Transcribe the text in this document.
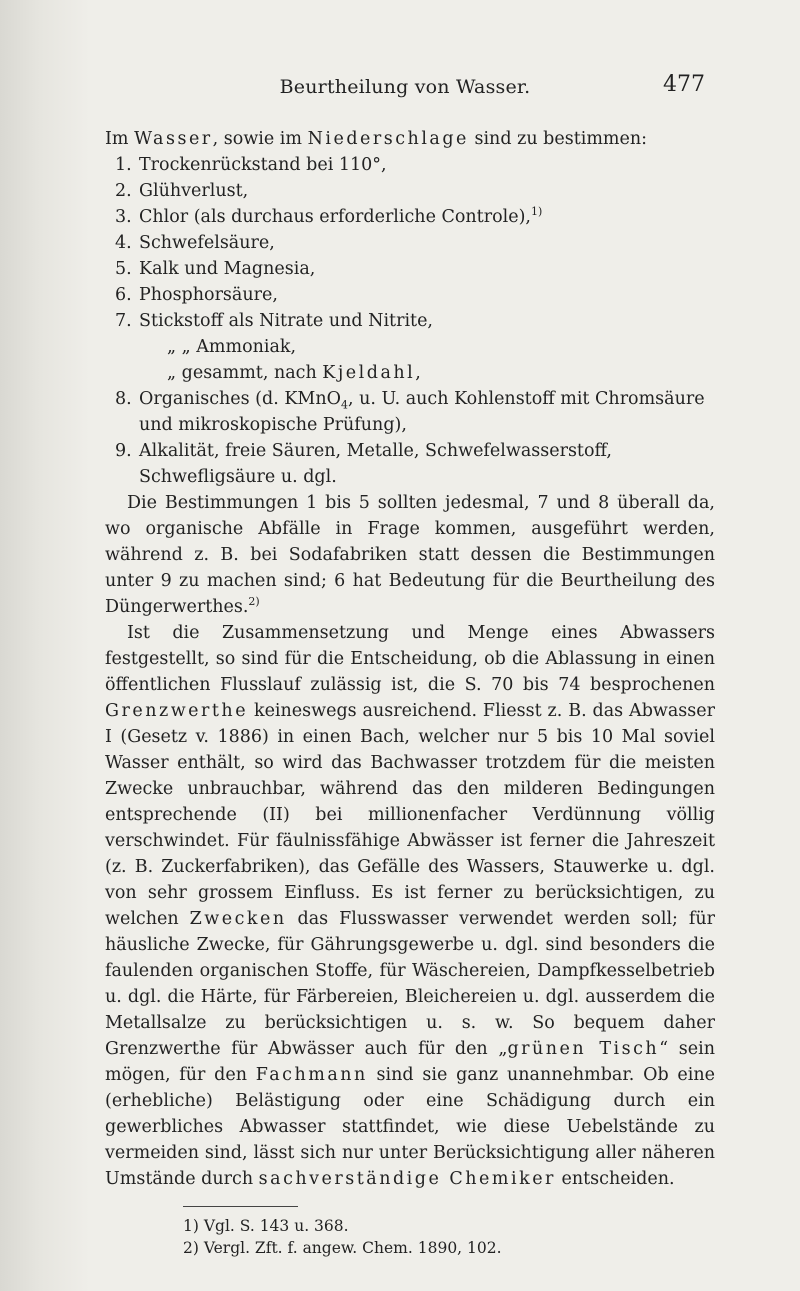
Beurtheilung von Wasser.	477

Im Wasser, sowie im Niederschlage sind zu bestimmen:

1. Trockenrückstand bei 110°,
2. Glühverlust,
3. Chlor (als durchaus erforderliche Controle),$^{1)}$
4. Schwefelsäure,
5. Kalk und Magnesia,
6. Phosphorsäure,
7. Stickstoff als Nitrate und Nitrite,
„ „ Ammoniak,
„ gesammt, nach Kjeldahl,
8. Organisches (d. KMnO$_4$, u. U. auch Kohlenstoff mit Chromsäure und mikroskopische Prüfung),
9. Alkalität, freie Säuren, Metalle, Schwefelwasserstoff, Schwefligsäure u. dgl.

Die Bestimmungen 1 bis 5 sollten jedesmal, 7 und 8 überall da, wo organische Abfälle in Frage kommen, ausgeführt werden, während z. B. bei Sodafabriken statt dessen die Bestimmungen unter 9 zu machen sind; 6 hat Bedeutung für die Beurtheilung des Düngerwerthes.$^{2)}$

Ist die Zusammensetzung und Menge eines Abwassers festgestellt, so sind für die Entscheidung, ob die Ablassung in einen öffentlichen Flusslauf zulässig ist, die S. 70 bis 74 besprochenen Grenzwerthe keineswegs ausreichend. Fliesst z. B. das Abwasser I (Gesetz v. 1886) in einen Bach, welcher nur 5 bis 10 Mal soviel Wasser enthält, so wird das Bachwasser trotzdem für die meisten Zwecke unbrauchbar, während das den milderen Bedingungen entsprechende (II) bei millionenfacher Verdünnung völlig verschwindet. Für fäulnissfähige Abwässer ist ferner die Jahreszeit (z. B. Zuckerfabriken), das Gefälle des Wassers, Stauwerke u. dgl. von sehr grossem Einfluss. Es ist ferner zu berücksichtigen, zu welchen Zwecken das Flusswasser verwendet werden soll; für häusliche Zwecke, für Gährungsgewerbe u. dgl. sind besonders die faulenden organischen Stoffe, für Wäschereien, Dampfkesselbetrieb u. dgl. die Härte, für Färbereien, Bleichereien u. dgl. ausserdem die Metallsalze zu berücksichtigen u. s. w. So bequem daher Grenzwerthe für Abwässer auch für den „grünen Tisch“ sein mögen, für den Fachmann sind sie ganz unannehmbar. Ob eine (erhebliche) Belästigung oder eine Schädigung durch ein gewerbliches Abwasser stattfindet, wie diese Uebelstände zu vermeiden sind, lässt sich nur unter Berücksichtigung aller näheren Umstände durch sachverständige Chemiker entscheiden.

1) Vgl. S. 143 u. 368.
2) Vergl. Zft. f. angew. Chem. 1890, 102.
